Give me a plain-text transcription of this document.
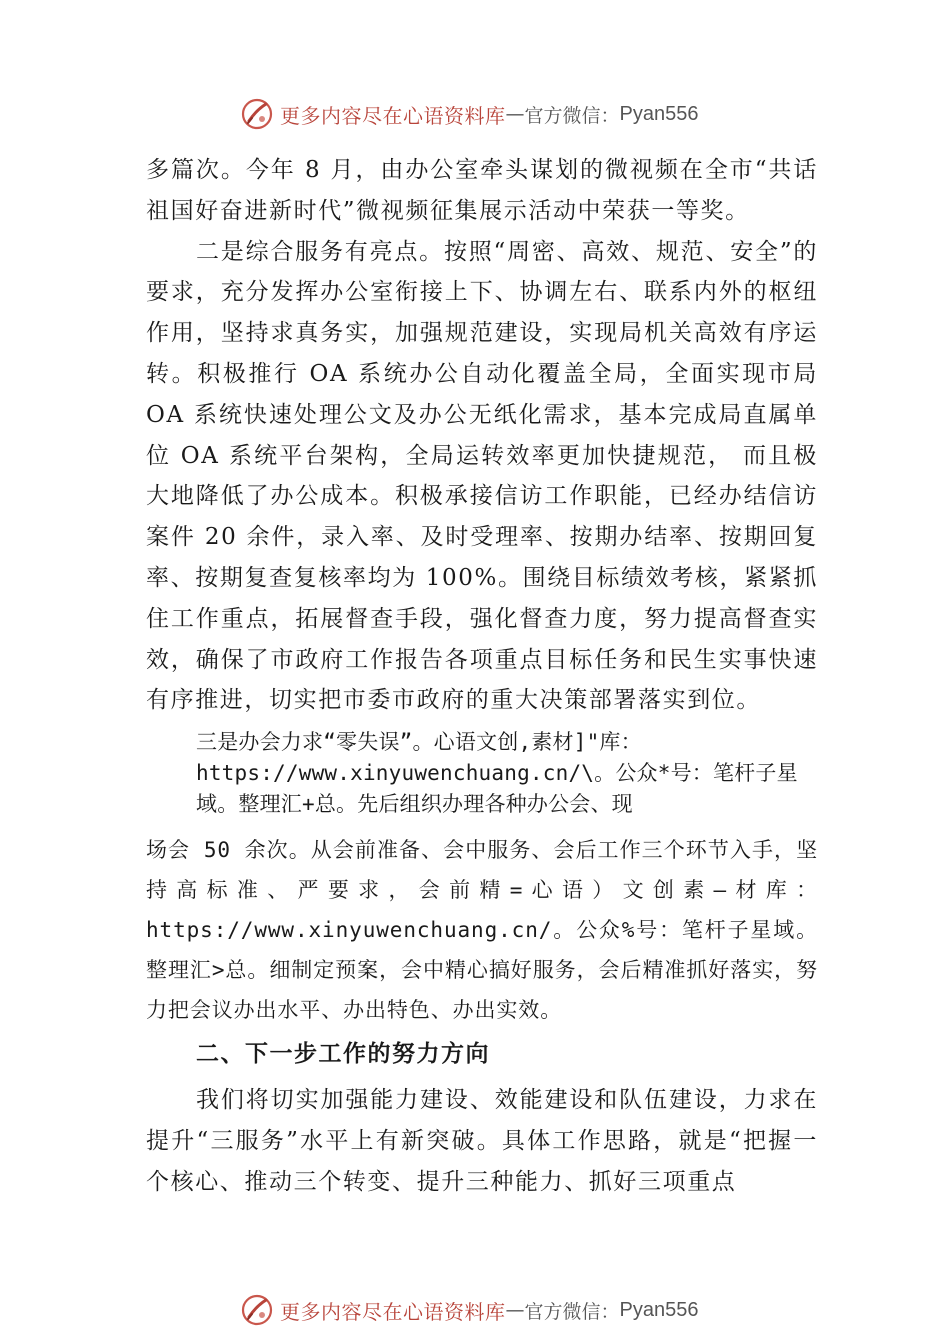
更多内容尽在心语资料库 — 官方微信： Pyan556

多篇次。今年 8 月，由办公室牵头谋划的微视频在全市“共话祖国好奋进新时代”微视频征集展示活动中荣获一等奖。

二是综合服务有亮点。按照“周密、高效、规范、安全”的要求，充分发挥办公室衔接上下、协调左右、联系内外的枢纽作用，坚持求真务实，加强规范建设，实现局机关高效有序运转。积极推行 OA 系统办公自动化覆盖全局，全面实现市局 OA 系统快速处理公文及办公无纸化需求，基本完成局直属单位 OA 系统平台架构，全局运转效率更加快捷规范， 而且极大地降低了办公成本。积极承接信访工作职能，已经办结信访案件 20 余件，录入率、及时受理率、按期办结率、按期回复率、按期复查复核率均为 100%。围绕目标绩效考核，紧紧抓住工作重点，拓展督查手段，强化督查力度，努力提高督查实效，确保了市政府工作报告各项重点目标任务和民生实事快速有序推进，切实把市委市政府的重大决策部署落实到位。

三是办会力求“零失误”。心语文创,素材]"库：
https://www.xinyuwenchuang.cn/\。公众*号：笔杆子星
域。整理汇+总。先后组织办理各种办公会、现

场会 50 余次。从会前准备、会中服务、会后工作三个环节入手，坚持高标准、严要求，会前精=心语）文创素—材库：https://www.xinyuwenchuang.cn/。公众%号：笔杆子星域。整理汇>总。细制定预案，会中精心搞好服务，会后精准抓好落实，努力把会议办出水平、办出特色、办出实效。

二、下一步工作的努力方向

我们将切实加强能力建设、效能建设和队伍建设，力求在提升“三服务”水平上有新突破。具体工作思路，就是“把握一个核心、推动三个转变、提升三种能力、抓好三项重点

更多内容尽在心语资料库 — 官方微信： Pyan556
